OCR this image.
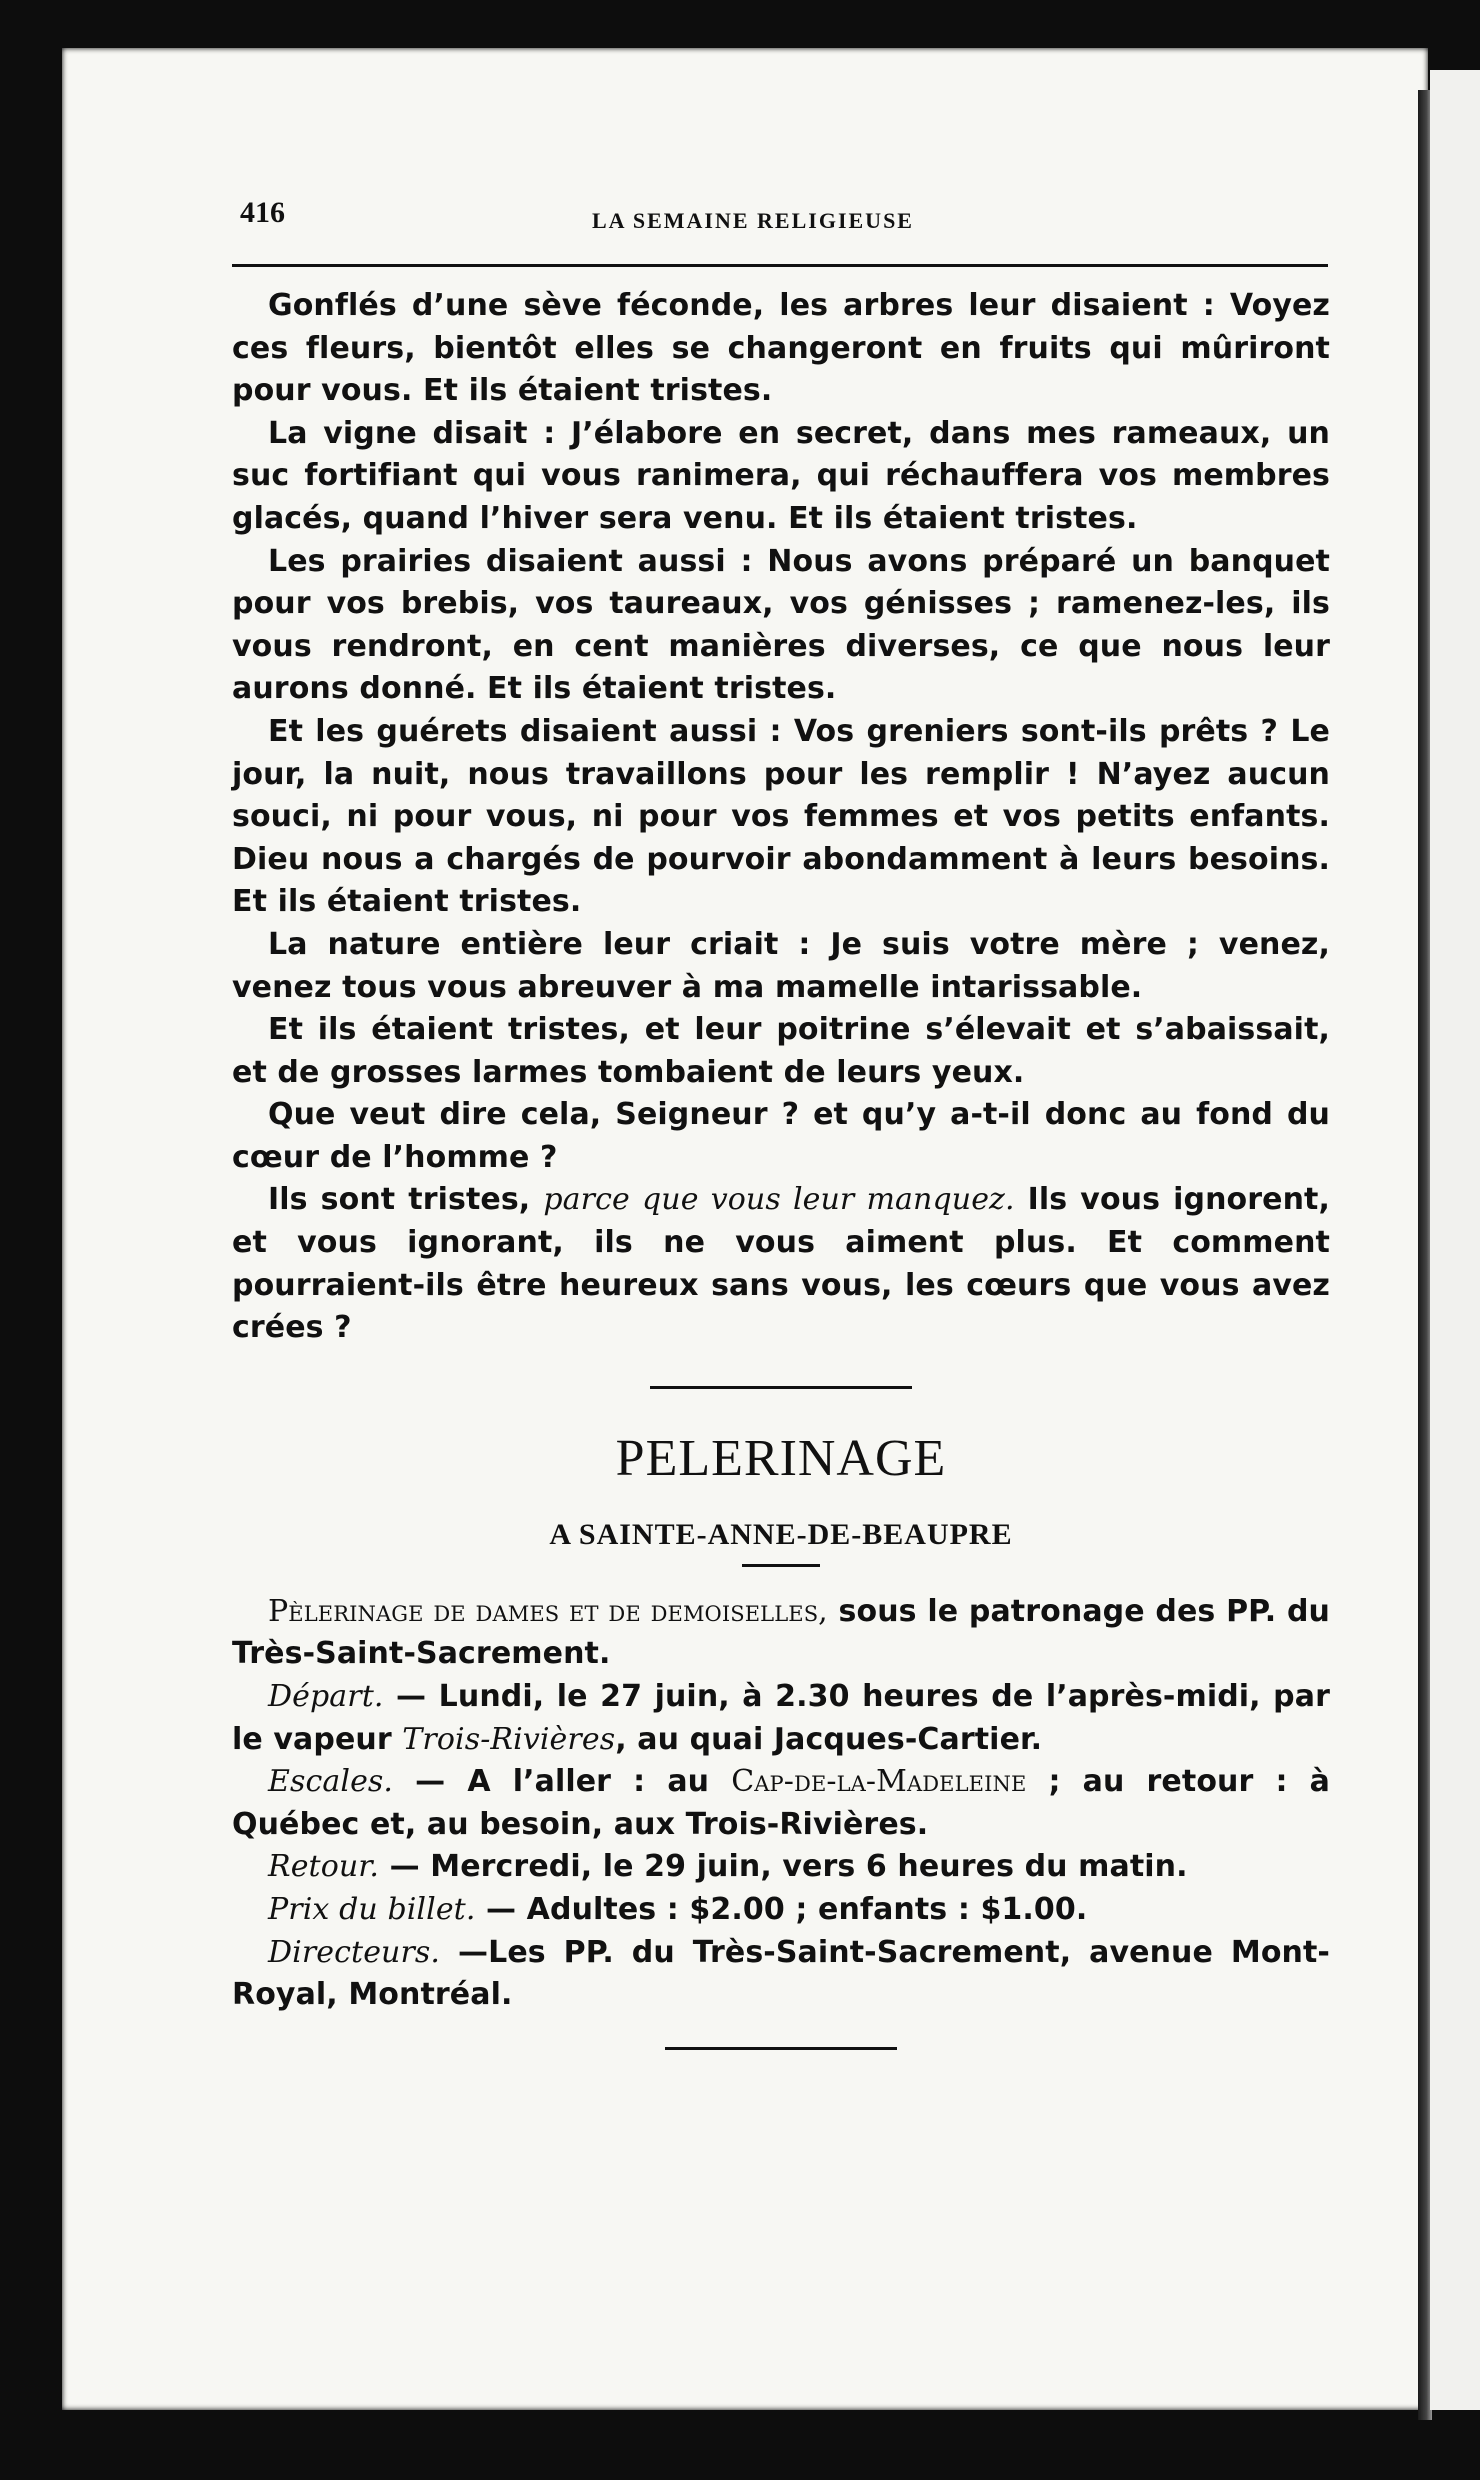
416	LA SEMAINE RELIGIEUSE

Gonflés d’une sève féconde, les arbres leur disaient : Voyez ces fleurs, bientôt elles se changeront en fruits qui mûriront pour vous. Et ils étaient tristes.

La vigne disait : J’élabore en secret, dans mes rameaux, un suc fortifiant qui vous ranimera, qui réchauffera vos membres glacés, quand l’hiver sera venu. Et ils étaient tristes.

Les prairies disaient aussi : Nous avons préparé un banquet pour vos brebis, vos taureaux, vos génisses ; ramenez-les, ils vous rendront, en cent manières diverses, ce que nous leur aurons donné. Et ils étaient tristes.

Et les guérets disaient aussi : Vos greniers sont-ils prêts ? Le jour, la nuit, nous travaillons pour les remplir ! N’ayez aucun souci, ni pour vous, ni pour vos femmes et vos petits enfants. Dieu nous a chargés de pourvoir abondamment à leurs besoins. Et ils étaient tristes.

La nature entière leur criait : Je suis votre mère ; venez, venez tous vous abreuver à ma mamelle intarissable.

Et ils étaient tristes, et leur poitrine s’élevait et s’abaissait, et de grosses larmes tombaient de leurs yeux.

Que veut dire cela, Seigneur ? et qu’y a-t-il donc au fond du cœur de l’homme ?

Ils sont tristes, parce que vous leur manquez. Ils vous ignorent, et vous ignorant, ils ne vous aiment plus. Et comment pourraient-ils être heureux sans vous, les cœurs que vous avez crées ?

PELERINAGE
A SAINTE-ANNE-DE-BEAUPRE

Pèlerinage de dames et de demoiselles, sous le patronage des PP. du Très-Saint-Sacrement.

Départ. — Lundi, le 27 juin, à 2.30 heures de l’après-midi, par le vapeur Trois-Rivières, au quai Jacques-Cartier.

Escales. — A l’aller : au Cap-de-la-Madeleine ; au retour : à Québec et, au besoin, aux Trois-Rivières.

Retour. — Mercredi, le 29 juin, vers 6 heures du matin.

Prix du billet. — Adultes : $2.00 ; enfants : $1.00.

Directeurs. —Les PP. du Très-Saint-Sacrement, avenue Mont-Royal, Montréal.
